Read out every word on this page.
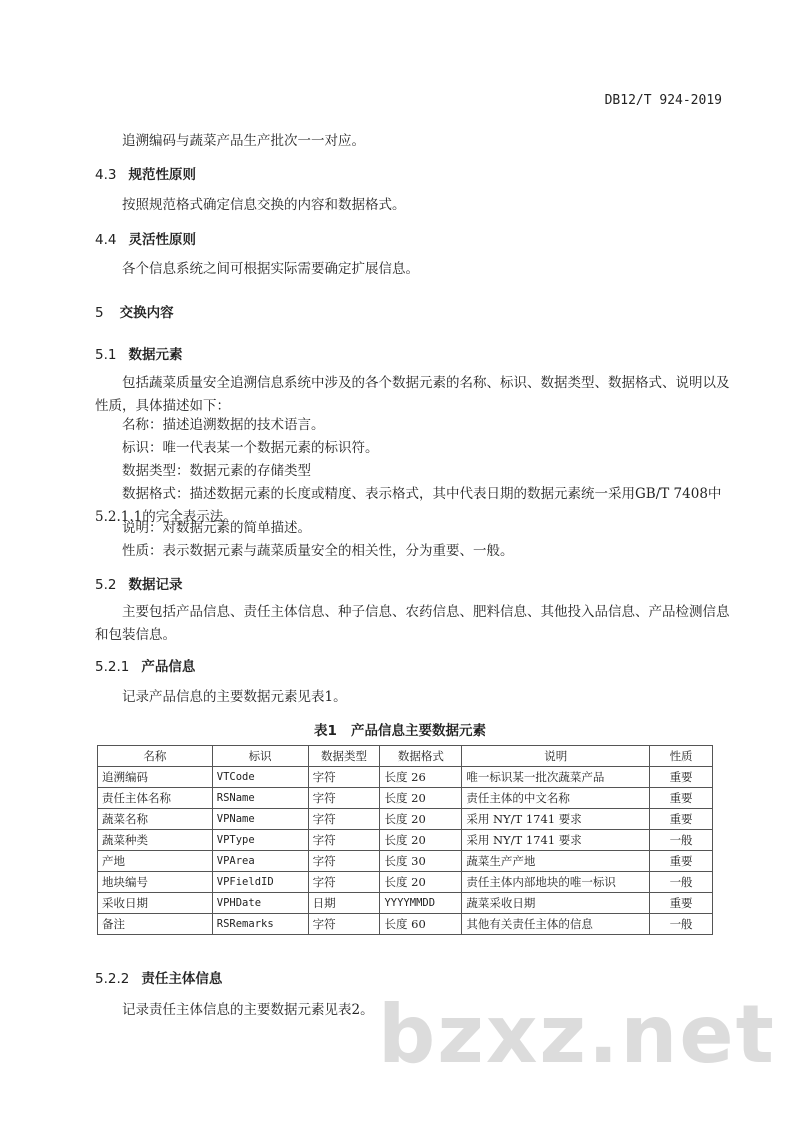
DB12/T 924-2019
追溯编码与蔬菜产品生产批次一一对应。
4.3 规范性原则
按照规范格式确定信息交换的内容和数据格式。
4.4 灵活性原则
各个信息系统之间可根据实际需要确定扩展信息。
5 交换内容
5.1 数据元素
包括蔬菜质量安全追溯信息系统中涉及的各个数据元素的名称、标识、数据类型、数据格式、说明以及性质，具体描述如下：
名称：描述追溯数据的技术语言。
标识：唯一代表某一个数据元素的标识符。
数据类型：数据元素的存储类型
数据格式：描述数据元素的长度或精度、表示格式，其中代表日期的数据元素统一采用GB/T 7408中5.2.1.1的完全表示法。
说明：对数据元素的简单描述。
性质：表示数据元素与蔬菜质量安全的相关性，分为重要、一般。
5.2 数据记录
主要包括产品信息、责任主体信息、种子信息、农药信息、肥料信息、其他投入品信息、产品检测信息和包装信息。
5.2.1 产品信息
记录产品信息的主要数据元素见表1。
表1 产品信息主要数据元素
名称	标识	数据类型	数据格式	说明	性质
追溯编码	VTCode	字符	长度 26	唯一标识某一批次蔬菜产品	重要
责任主体名称	RSName	字符	长度 20	责任主体的中文名称	重要
蔬菜名称	VPName	字符	长度 20	采用 NY/T 1741 要求	重要
蔬菜种类	VPType	字符	长度 20	采用 NY/T 1741 要求	一般
产地	VPArea	字符	长度 30	蔬菜生产产地	重要
地块编号	VPFieldID	字符	长度 20	责任主体内部地块的唯一标识	一般
采收日期	VPHDate	日期	YYYYMMDD	蔬菜采收日期	重要
备注	RSRemarks	字符	长度 60	其他有关责任主体的信息	一般
5.2.2 责任主体信息
记录责任主体信息的主要数据元素见表2。 bzxz.net
